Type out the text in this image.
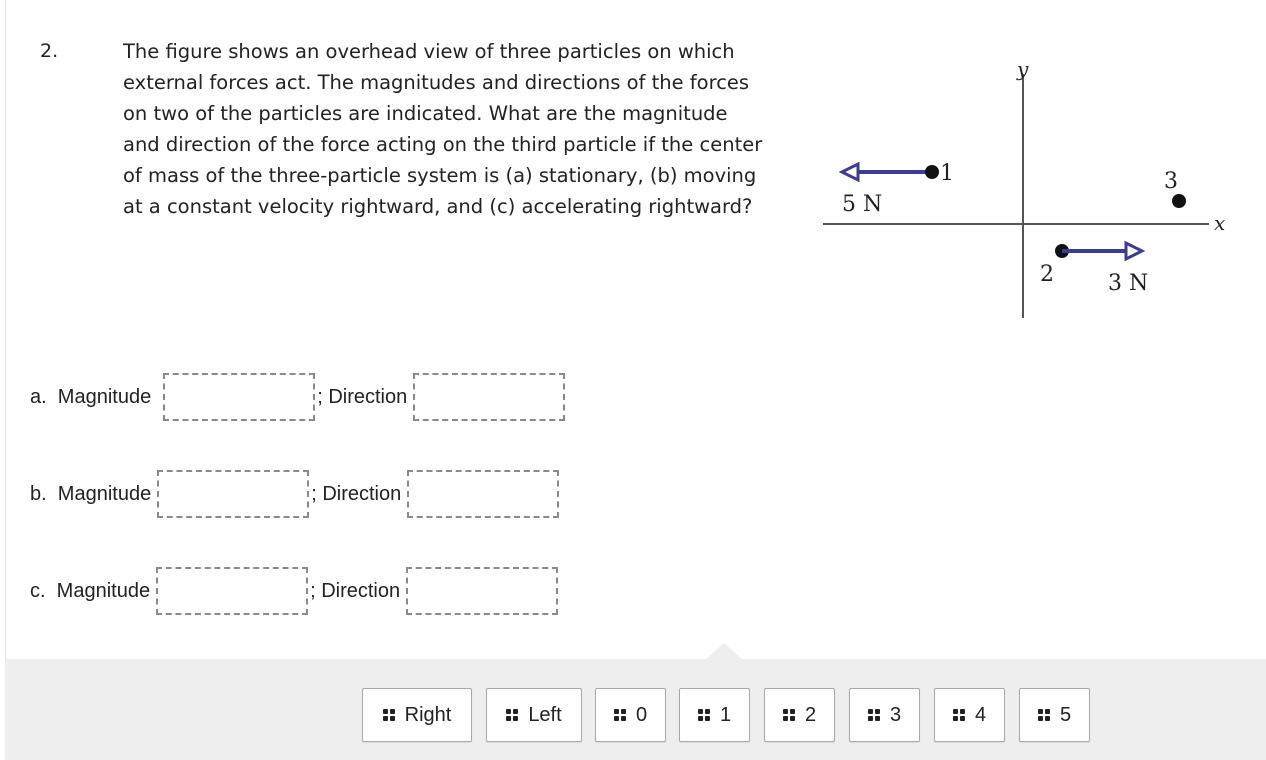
2.	The figure shows an overhead view of three particles on which
external forces act. The magnitudes and directions of the forces
on two of the particles are indicated. What are the magnitude
and direction of the force acting on the third particle if the center
of mass of the three-particle system is (a) stationary, (b) moving
at a constant velocity rightward, and (c) accelerating rightward?

x
y
1
5 N
2 3 N
3
a.  Magnitude	; Direction
b.  Magnitude	; Direction
c.  Magnitude	; Direction
Right	Left	0	1	2	3	4	5
